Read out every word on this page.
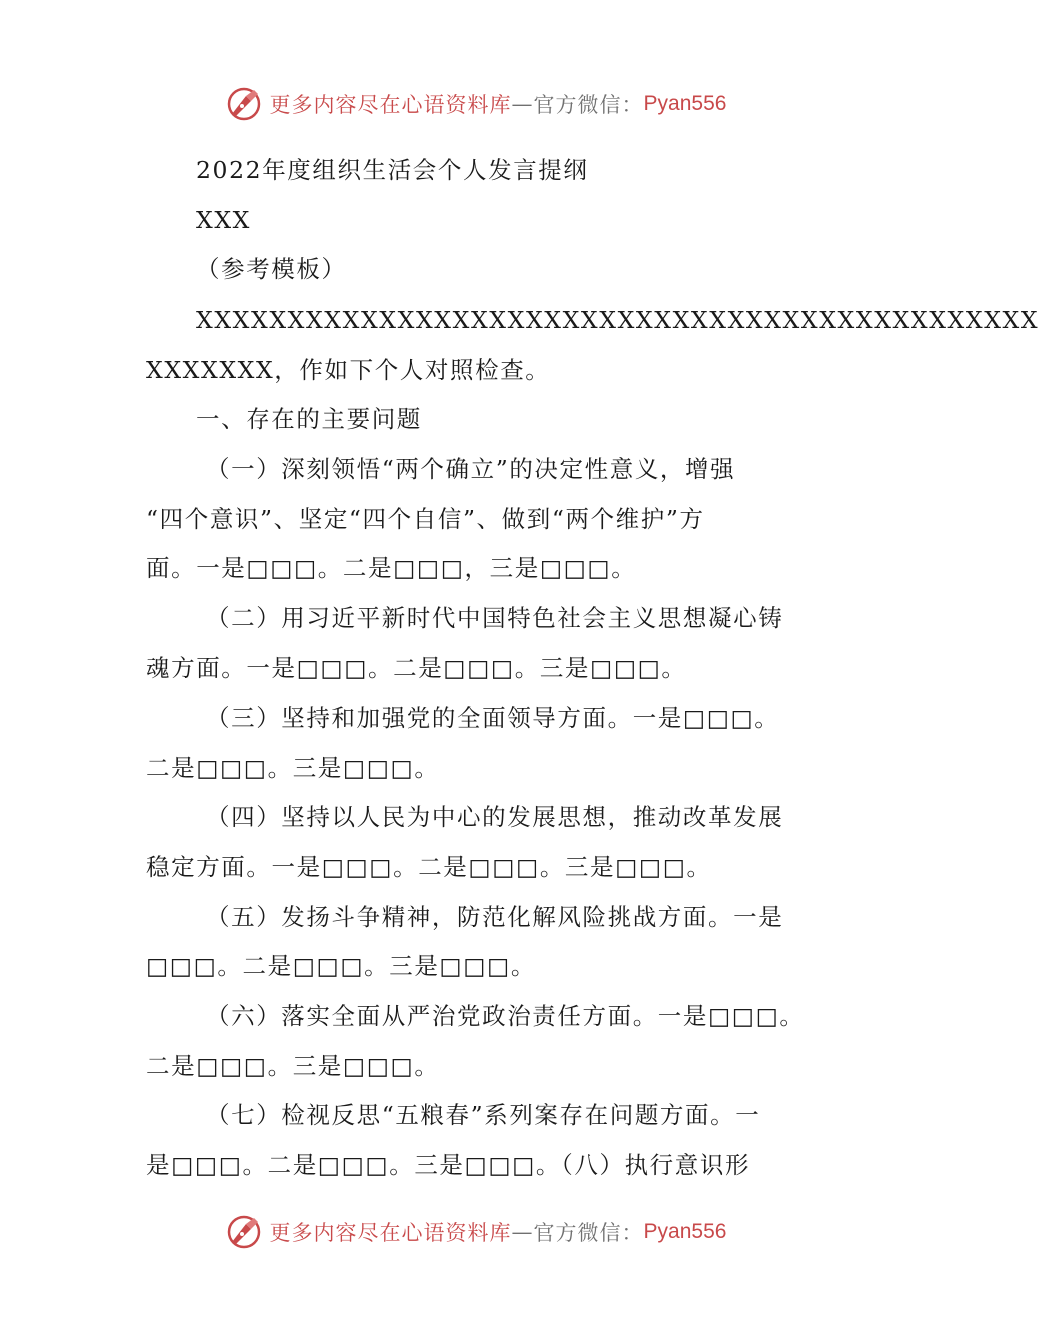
更多内容尽在心语资料库 — 官方微信： Pyan556
2022年度组织生活会个人发言提纲
XXX
（参考模板）
XXXXXXXXXXXXXXXXXXXXXXXXXXXXXXXXXXXXXXXXXXXXXX
XXXXXXX，作如下个人对照检查。
一、存在的主要问题
（一）深刻领悟“两个确立”的决定性意义，增强
“四个意识”、坚定“四个自信”、做到“两个维护”方
面。一是□□□。二是□□□，三是□□□。
（二）用习近平新时代中国特色社会主义思想凝心铸
魂方面。一是□□□。二是□□□。三是□□□。
（三）坚持和加强党的全面领导方面。一是□□□。
二是□□□。三是□□□。
（四）坚持以人民为中心的发展思想，推动改革发展
稳定方面。一是□□□。二是□□□。三是□□□。
（五）发扬斗争精神，防范化解风险挑战方面。一是
□□□。二是□□□。三是□□□。
（六）落实全面从严治党政治责任方面。一是□□□。
二是□□□。三是□□□。
（七）检视反思“五粮春”系列案存在问题方面。一
是□□□。二是□□□。三是□□□。（八）执行意识形
更多内容尽在心语资料库 — 官方微信： Pyan556
